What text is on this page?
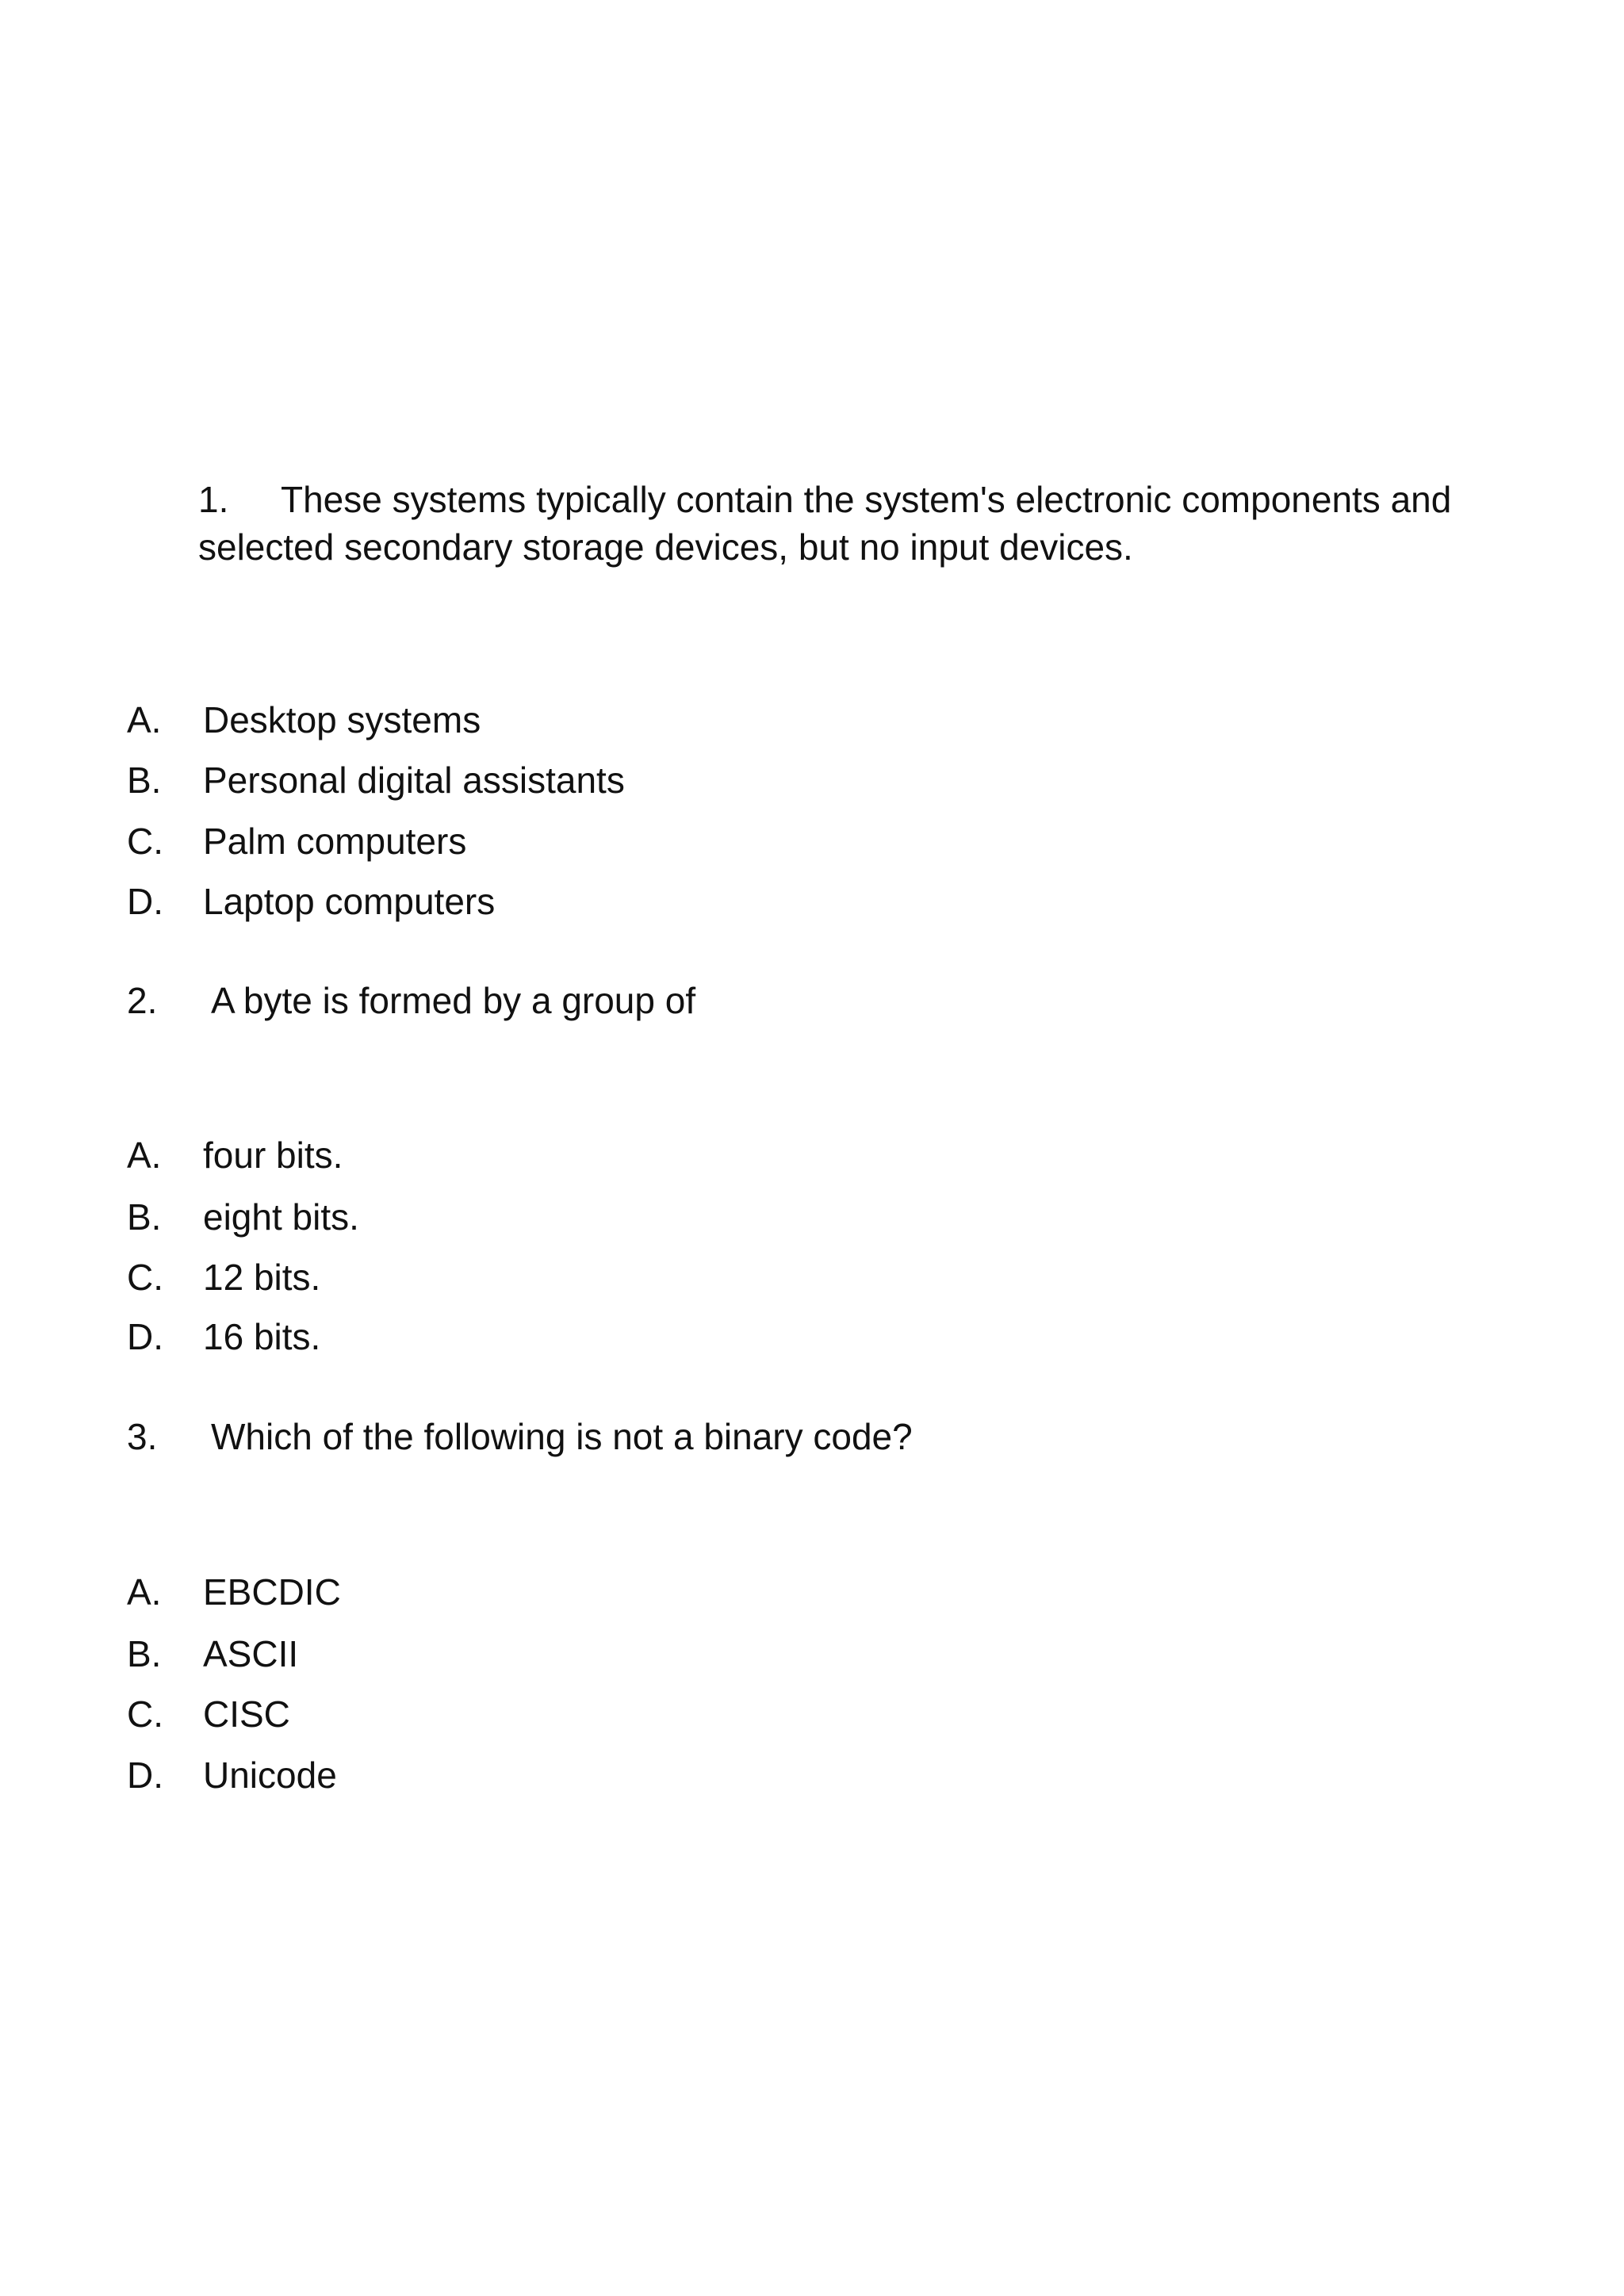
1. These systems typically contain the system's electronic components and selected secondary storage devices, but no input devices.
A. Desktop systems
B. Personal digital assistants
C. Palm computers
D. Laptop computers
2. A byte is formed by a group of
A. four bits.
B. eight bits.
C. 12 bits.
D. 16 bits.
3. Which of the following is not a binary code?
A. EBCDIC
B. ASCII
C. CISC
D. Unicode
